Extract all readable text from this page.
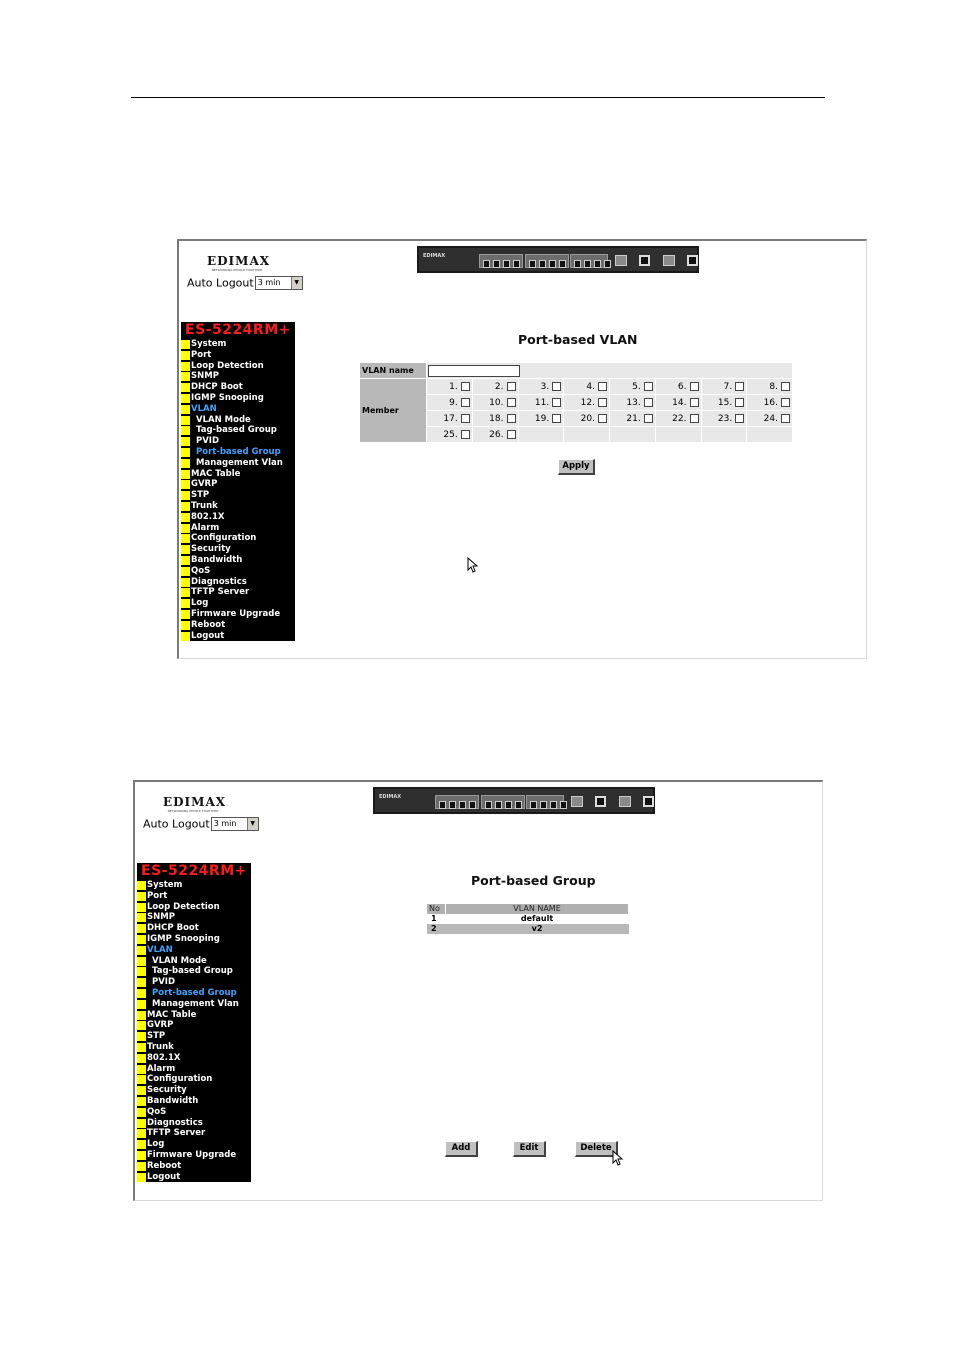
EDIMAX
NETWORKING PEOPLE TOGETHER
Auto Logout 3 min	▼
EDIMAX
ES-5224RM+
System
Port
Loop Detection
SNMP
DHCP Boot
IGMP Snooping
VLAN
VLAN Mode
Tag-based Group
PVID
Port-based Group
Management Vlan
MAC Table
GVRP
STP
Trunk
802.1X
Alarm
Configuration
Security
Bandwidth
QoS
Diagnostics
TFTP Server
Log
Firmware Upgrade
Reboot
Logout
Port-based VLAN
VLAN name								
Member	1.	2.	3.	4.	5.	6.	7.	8.
	9.	10.	11.	12.	13.	14.	15.	16.
	17.	18.	19.	20.	21.	22.	23.	24.
	25.	26.						
Apply
EDIMAX
NETWORKING PEOPLE TOGETHER
Auto Logout 3 min	▼
EDIMAX
ES-5224RM+
System
Port
Loop Detection
SNMP
DHCP Boot
IGMP Snooping
VLAN
VLAN Mode
Tag-based Group
PVID
Port-based Group
Management Vlan
MAC Table
GVRP
STP
Trunk
802.1X
Alarm
Configuration
Security
Bandwidth
QoS
Diagnostics
TFTP Server
Log
Firmware Upgrade
Reboot
Logout
Port-based Group
No	VLAN NAME
1	default
2	v2
Add	Edit	Delete
